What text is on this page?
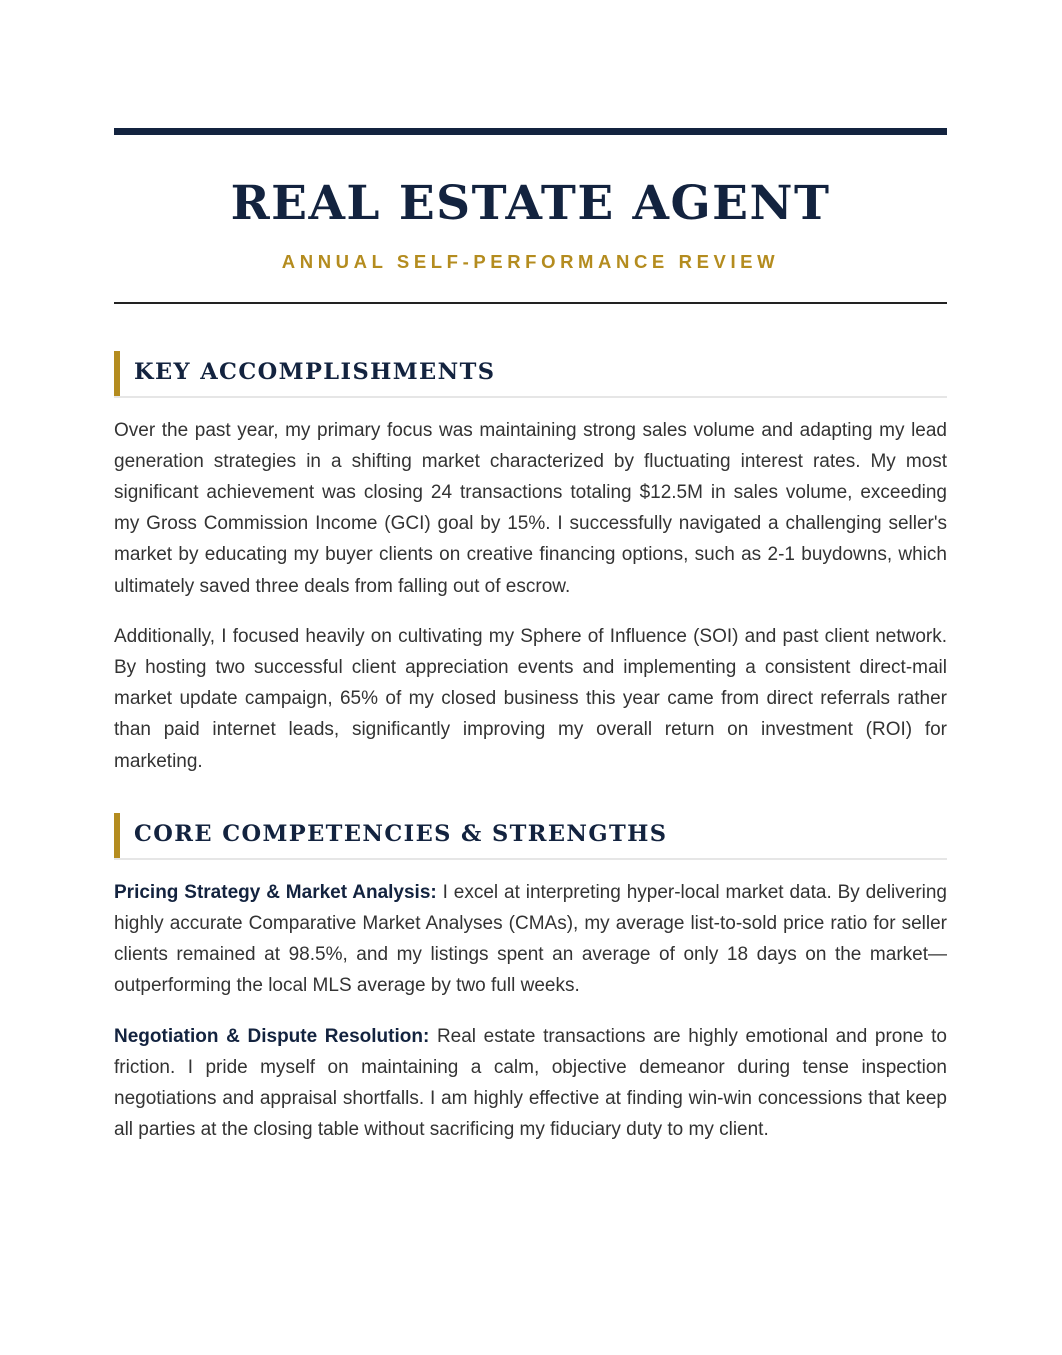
REAL ESTATE AGENT
ANNUAL SELF-PERFORMANCE REVIEW
KEY ACCOMPLISHMENTS

Over the past year, my primary focus was maintaining strong sales volume and adapting my lead generation strategies in a shifting market characterized by fluctuating interest rates. My most significant achievement was closing 24 transactions totaling $12.5M in sales volume, exceeding my Gross Commission Income (GCI) goal by 15%. I successfully navigated a challenging seller's market by educating my buyer clients on creative financing options, such as 2-1 buydowns, which ultimately saved three deals from falling out of escrow.

Additionally, I focused heavily on cultivating my Sphere of Influence (SOI) and past client network. By hosting two successful client appreciation events and implementing a consistent direct-mail market update campaign, 65% of my closed business this year came from direct referrals rather than paid internet leads, significantly improving my overall return on investment (ROI) for marketing.

CORE COMPETENCIES & STRENGTHS

Pricing Strategy & Market Analysis: I excel at interpreting hyper-local market data. By delivering highly accurate Comparative Market Analyses (CMAs), my average list-to-sold price ratio for seller clients remained at 98.5%, and my listings spent an average of only 18 days on the market—outperforming the local MLS average by two full weeks.

Negotiation & Dispute Resolution: Real estate transactions are highly emotional and prone to friction. I pride myself on maintaining a calm, objective demeanor during tense inspection negotiations and appraisal shortfalls. I am highly effective at finding win-win concessions that keep all parties at the closing table without sacrificing my fiduciary duty to my client.
